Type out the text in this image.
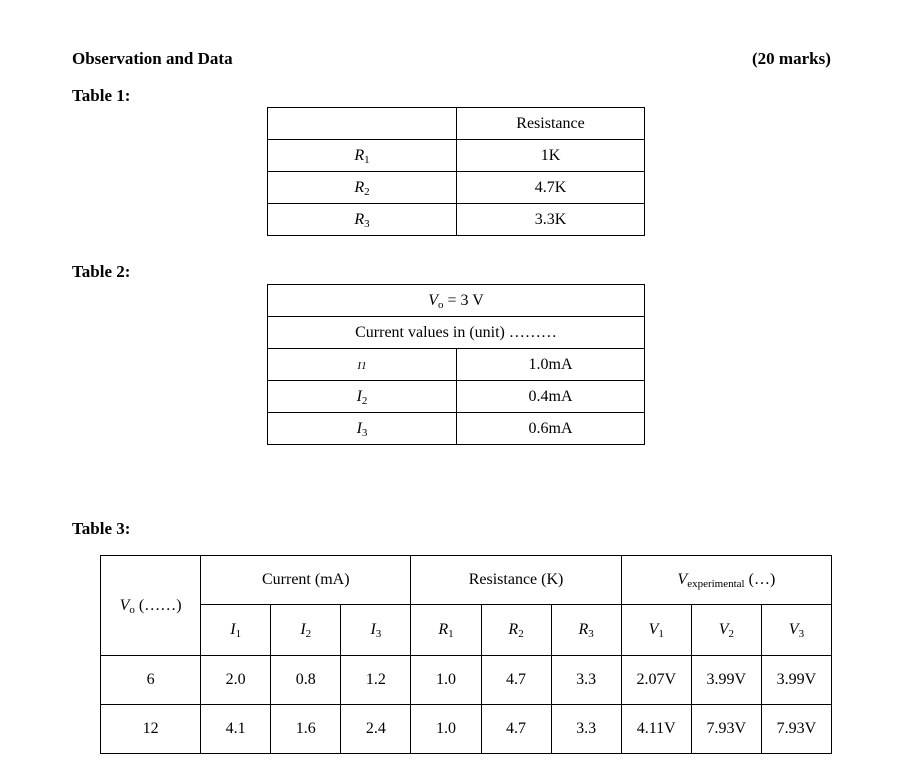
Observation and Data	(20 marks)
Table 1:
	Resistance
$R_1$	1K
$R_2$	4.7K
$R_3$	3.3K
Table 2:
$V_o = 3$ V	
Current values in (unit) ………	
I1	1.0mA
$I_2$	0.4mA
$I_3$	0.6mA
Table 3:
$V_o$ (……)	Current (mA)			Resistance (K)			$V_{experimental}$ (…)		
	$I_1$	$I_2$	$I_3$	$R_1$	$R_2$	$R_3$	$V_1$	$V_2$	$V_3$
6	2.0	0.8	1.2	1.0	4.7	3.3	2.07V	3.99V	3.99V
12	4.1	1.6	2.4	1.0	4.7	3.3	4.11V	7.93V	7.93V
